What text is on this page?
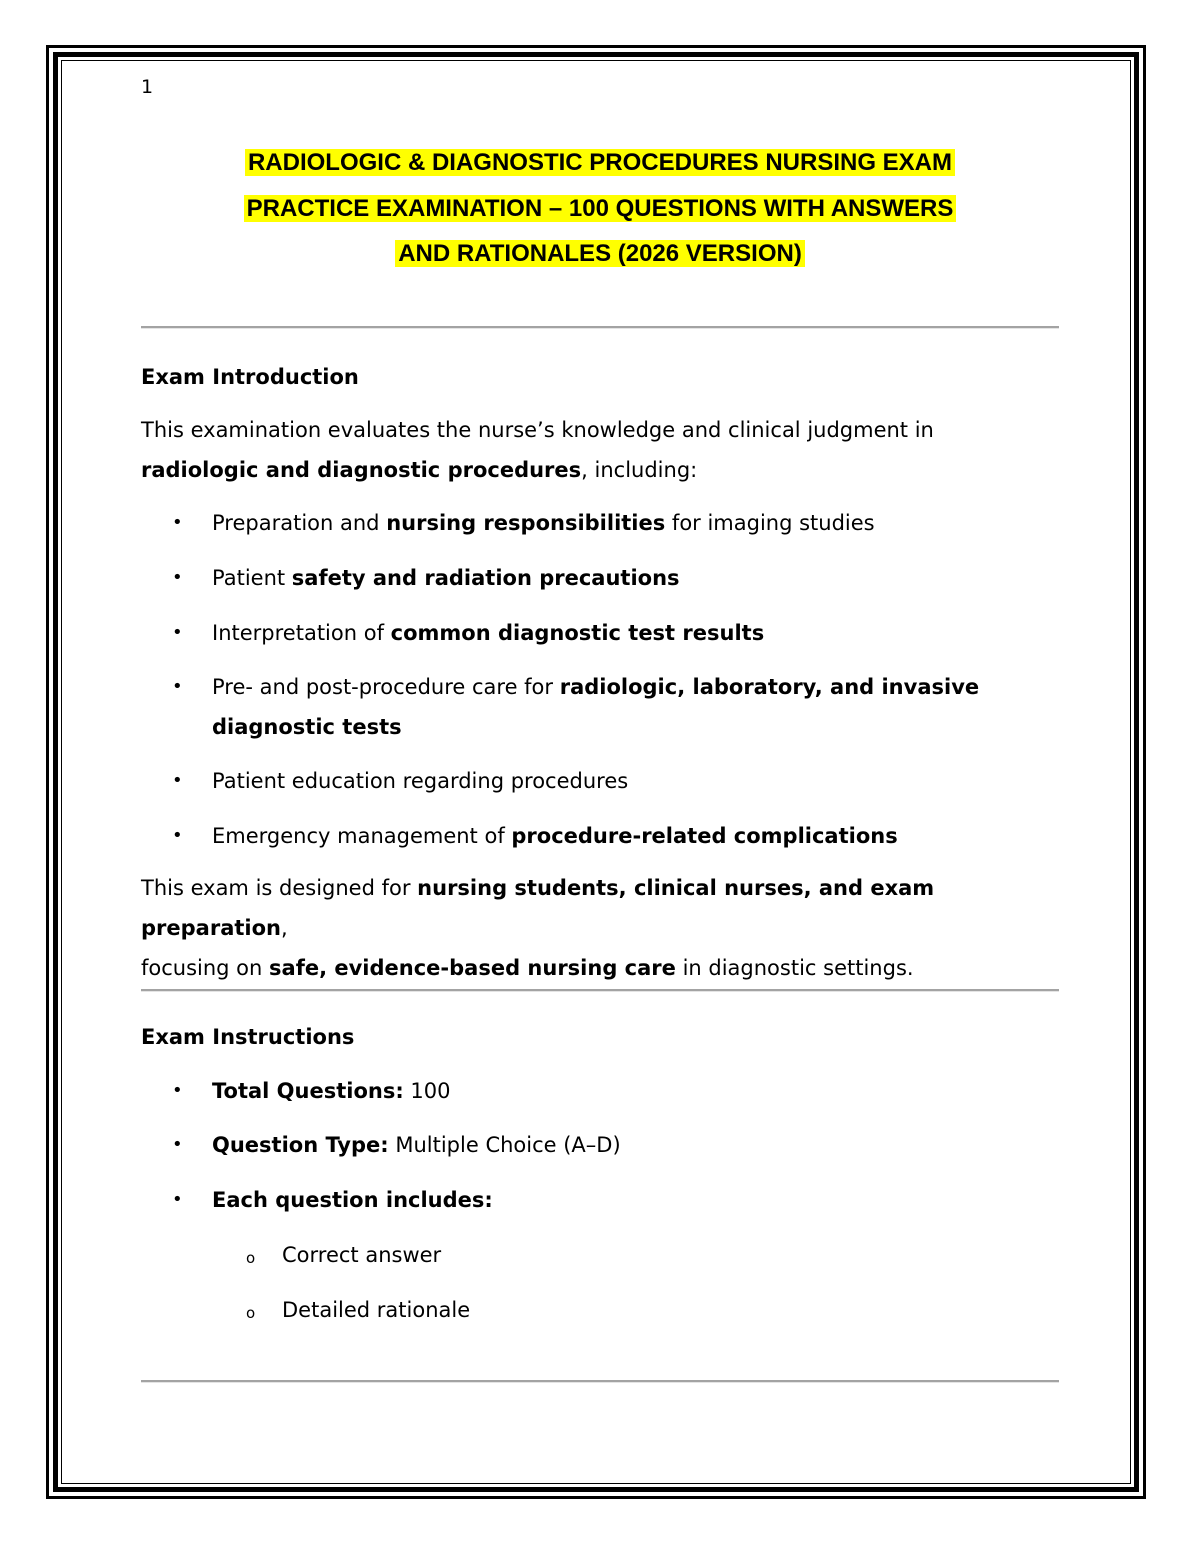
1
RADIOLOGIC & DIAGNOSTIC PROCEDURES NURSING EXAM
PRACTICE EXAMINATION – 100 QUESTIONS WITH ANSWERS
AND RATIONALES (2026 VERSION)
Exam Introduction
This examination evaluates the nurse’s knowledge and clinical judgment in
radiologic and diagnostic procedures, including:
• Preparation and nursing responsibilities for imaging studies
• Patient safety and radiation precautions
• Interpretation of common diagnostic test results
• Pre- and post-procedure care for radiologic, laboratory, and invasive diagnostic tests
• Patient education regarding procedures
• Emergency management of procedure-related complications
This exam is designed for nursing students, clinical nurses, and exam preparation,
focusing on safe, evidence-based nursing care in diagnostic settings.
Exam Instructions
• Total Questions: 100
• Question Type: Multiple Choice (A–D)
• Each question includes:
o Correct answer
o Detailed rationale
